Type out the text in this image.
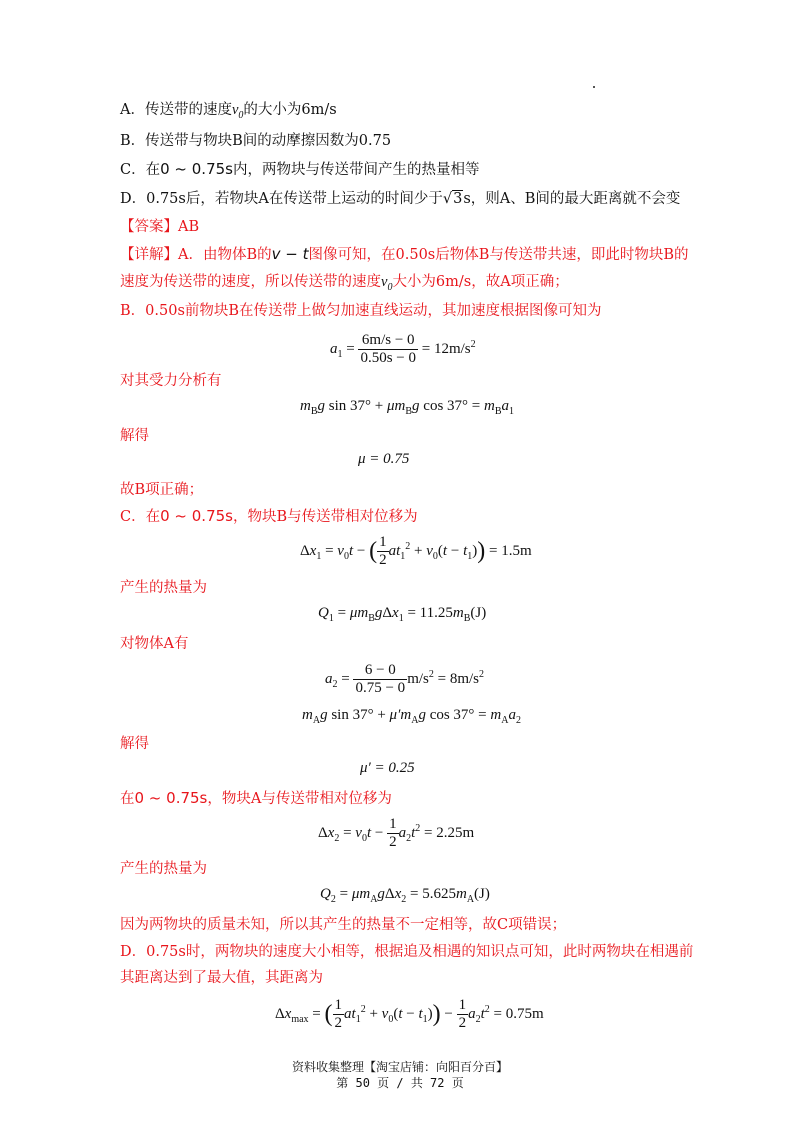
A．传送带的速度$v_0$的大小为6m/s
B．传送带与物块B间的动摩擦因数为0.75
C．在0 ~ 0.75s内，两物块与传送带间产生的热量相等
D．0.75s后，若物块A在传送带上运动的时间少于√3s，则A、B间的最大距离就不会变
【答案】AB
【详解】A．由物体B的v − t图像可知，在0.50s后物体B与传送带共速，即此时物块B的
速度为传送带的速度，所以传送带的速度$v_0$大小为6m/s，故A项正确；
B．0.50s前物块B在传送带上做匀加速直线运动，其加速度根据图像可知为
$a_1 = \frac{6m/s - 0}{0.50s - 0} = 12m/s^2$
对其受力分析有
$m_Bg$ $\sin 37^\circ + \mu m_Bg$ $\cos 37^\circ = m_Ba_1$
解得
μ = 0.75
故B项正确；
C．在0 ~ 0.75s，物块B与传送带相对位移为
$\Delta x_1 = v_0t$ − ( $\frac{1}{2} at_1^2 + v_0(t - t_1)) = 1.5m$
产生的热量为
$Q_1 = \mu m_Bg\Delta x_1 = 11.25m_B(J)$
对物体A有
$a_2 = \frac{6 - 0}{0.75 - 0} m/s^2 = 8m/s^2$
$m_Ag$ $\sin 37^\circ + \mu'm_Ag$ $\cos 37^\circ = m_Aa_2$
解得
μ′ = 0.25
在0 ~ 0.75s，物块A与传送带相对位移为
$\Delta x_2 = v_0t - \frac{1}{2} a_2t^2 = 2.25m$
产生的热量为
$Q_2 = \mu m_Ag\Delta x_2 = 5.625m_A(J)$
因为两物块的质量未知，所以其产生的热量不一定相等，故C项错误；
D．0.75s时，两物块的速度大小相等，根据追及相遇的知识点可知，此时两物块在相遇前
其距离达到了最大值，其距离为
$\Delta x_{max}$ = ( $\frac{1}{2} at_1^2 + v_0(t - t_1)) - \frac{1}{2} a_2t^2 = 0.75m$
资料收集整理【淘宝店铺：向阳百分百】
第 50 页 / 共 72 页
